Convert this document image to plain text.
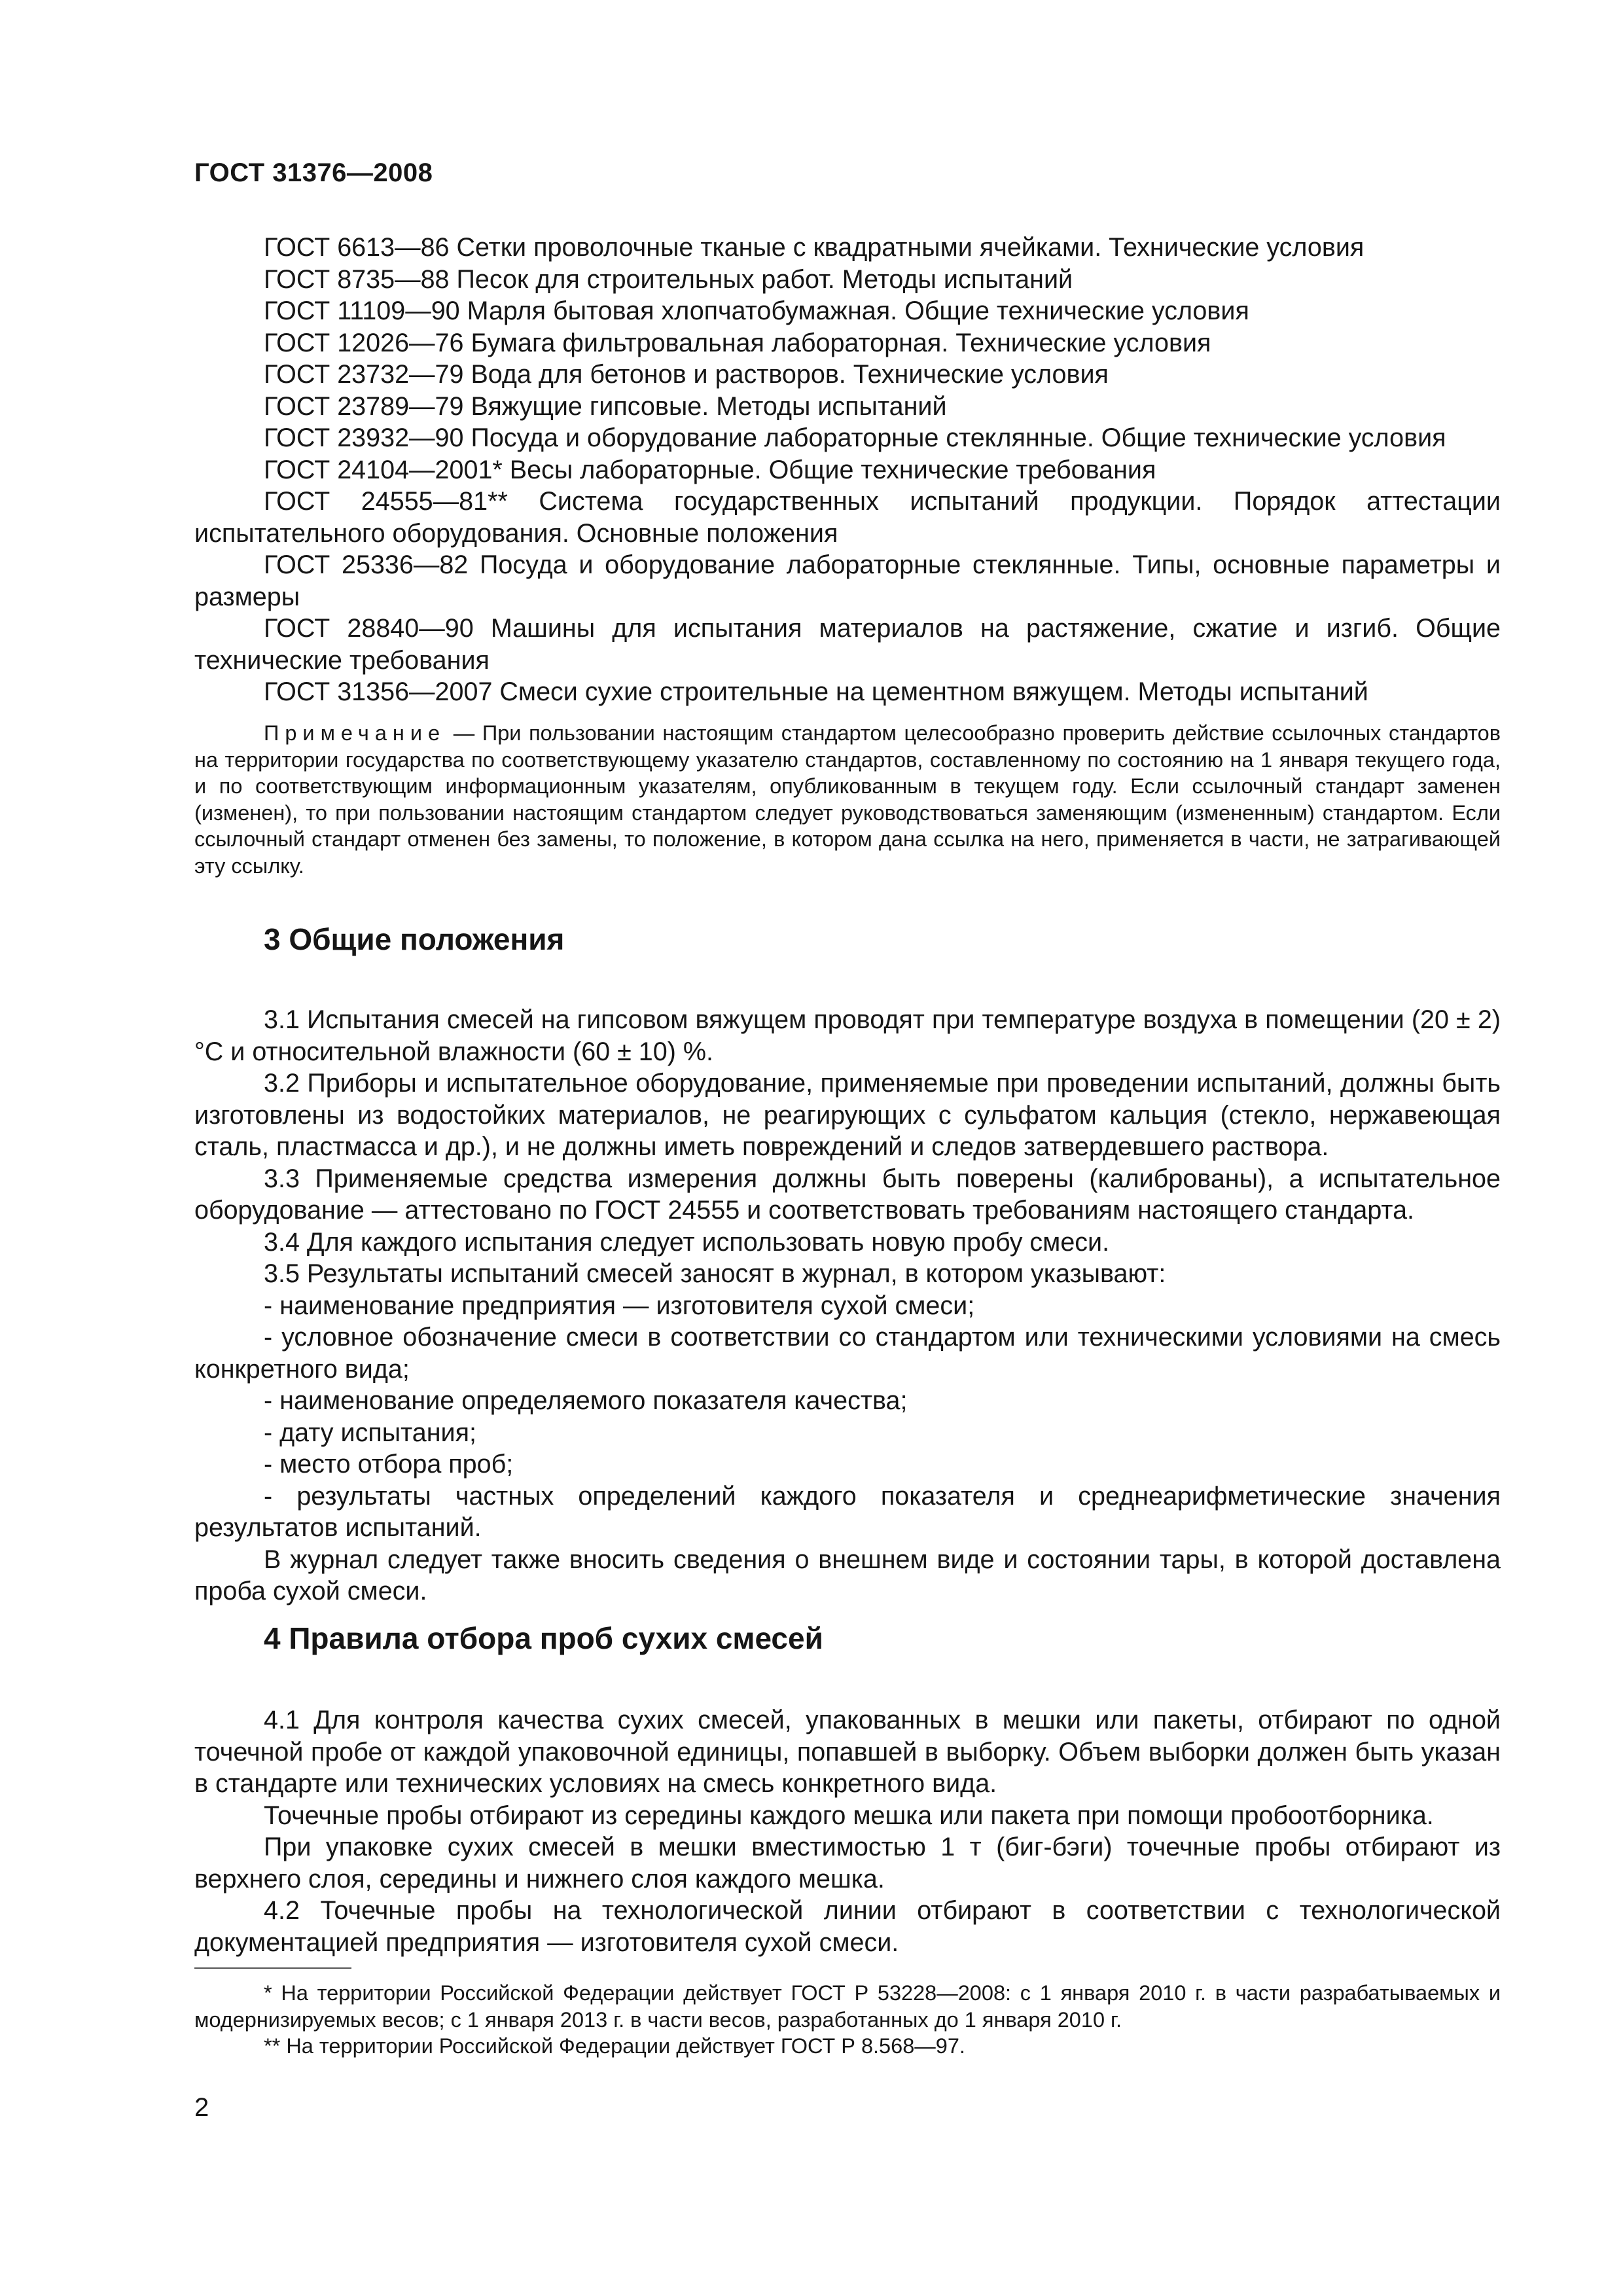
ГОСТ 31376—2008

ГОСТ 6613—86 Сетки проволочные тканые с квадратными ячейками. Технические условия

ГОСТ 8735—88 Песок для строительных работ. Методы испытаний

ГОСТ 11109—90 Марля бытовая хлопчатобумажная. Общие технические условия

ГОСТ 12026—76 Бумага фильтровальная лабораторная. Технические условия

ГОСТ 23732—79 Вода для бетонов и растворов. Технические условия

ГОСТ 23789—79 Вяжущие гипсовые. Методы испытаний

ГОСТ 23932—90 Посуда и оборудование лабораторные стеклянные. Общие технические условия

ГОСТ 24104—2001* Весы лабораторные. Общие технические требования

ГОСТ 24555—81** Система государственных испытаний продукции. Порядок аттестации испытательного оборудования. Основные положения

ГОСТ 25336—82 Посуда и оборудование лабораторные стеклянные. Типы, основные параметры и размеры

ГОСТ 28840—90 Машины для испытания материалов на растяжение, сжатие и изгиб. Общие технические требования

ГОСТ 31356—2007 Смеси сухие строительные на цементном вяжущем. Методы испытаний

Примечание — При пользовании настоящим стандартом целесообразно проверить действие ссылочных стандартов на территории государства по соответствующему указателю стандартов, составленному по состоянию на 1 января текущего года, и по соответствующим информационным указателям, опубликованным в текущем году. Если ссылочный стандарт заменен (изменен), то при пользовании настоящим стандартом следует руководствоваться заменяющим (измененным) стандартом. Если ссылочный стандарт отменен без замены, то положение, в котором дана ссылка на него, применяется в части, не затрагивающей эту ссылку.

3 Общие положения

3.1 Испытания смесей на гипсовом вяжущем проводят при температуре воздуха в помещении (20 ± 2) °С и относительной влажности (60 ± 10) %.

3.2 Приборы и испытательное оборудование, применяемые при проведении испытаний, должны быть изготовлены из водостойких материалов, не реагирующих с сульфатом кальция (стекло, нержавеющая сталь, пластмасса и др.), и не должны иметь повреждений и следов затвердевшего раствора.

3.3 Применяемые средства измерения должны быть поверены (калиброваны), а испытательное оборудование — аттестовано по ГОСТ 24555 и соответствовать требованиям настоящего стандарта.

3.4 Для каждого испытания следует использовать новую пробу смеси.

3.5 Результаты испытаний смесей заносят в журнал, в котором указывают:

- наименование предприятия — изготовителя сухой смеси;

- условное обозначение смеси в соответствии со стандартом или техническими условиями на смесь конкретного вида;

- наименование определяемого показателя качества;

- дату испытания;

- место отбора проб;

- результаты частных определений каждого показателя и среднеарифметические значения результатов испытаний.

В журнал следует также вносить сведения о внешнем виде и состоянии тары, в которой доставлена проба сухой смеси.

4 Правила отбора проб сухих смесей

4.1 Для контроля качества сухих смесей, упакованных в мешки или пакеты, отбирают по одной точечной пробе от каждой упаковочной единицы, попавшей в выборку. Объем выборки должен быть указан в стандарте или технических условиях на смесь конкретного вида.

Точечные пробы отбирают из середины каждого мешка или пакета при помощи пробоотборника.

При упаковке сухих смесей в мешки вместимостью 1 т (биг-бэги) точечные пробы отбирают из верхнего слоя, середины и нижнего слоя каждого мешка.

4.2 Точечные пробы на технологической линии отбирают в соответствии с технологической документацией предприятия — изготовителя сухой смеси.

* На территории Российской Федерации действует ГОСТ Р 53228—2008: с 1 января 2010 г. в части разрабатываемых и модернизируемых весов; с 1 января 2013 г. в части весов, разработанных до 1 января 2010 г.

** На территории Российской Федерации действует ГОСТ Р 8.568—97.

2
